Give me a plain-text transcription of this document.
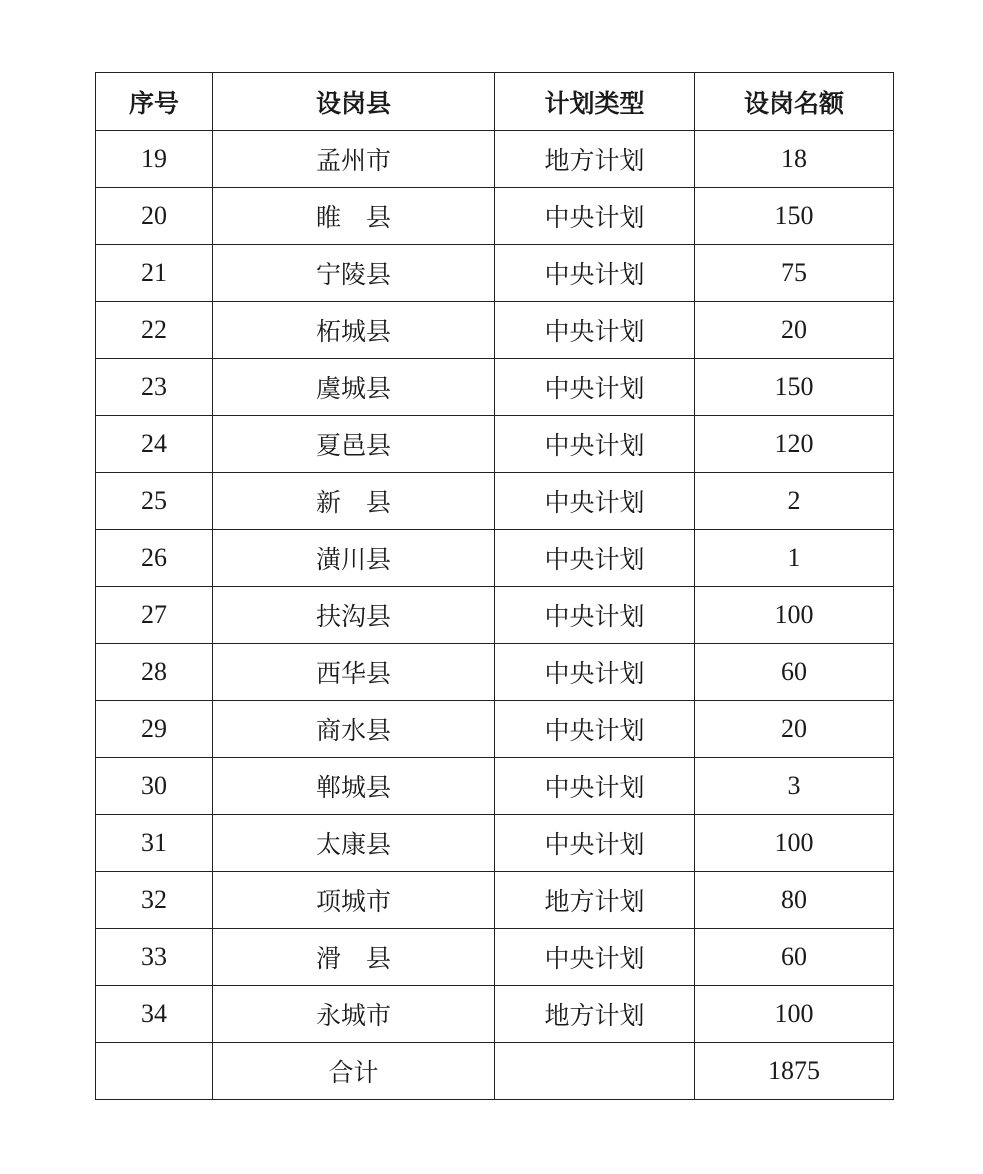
序号	设岗县	计划类型	设岗名额
19	孟州市	地方计划	18
20	睢　县	中央计划	150
21	宁陵县	中央计划	75
22	柘城县	中央计划	20
23	虞城县	中央计划	150
24	夏邑县	中央计划	120
25	新　县	中央计划	2
26	潢川县	中央计划	1
27	扶沟县	中央计划	100
28	西华县	中央计划	60
29	商水县	中央计划	20
30	郸城县	中央计划	3
31	太康县	中央计划	100
32	项城市	地方计划	80
33	滑　县	中央计划	60
34	永城市	地方计划	100
	合计		1875
